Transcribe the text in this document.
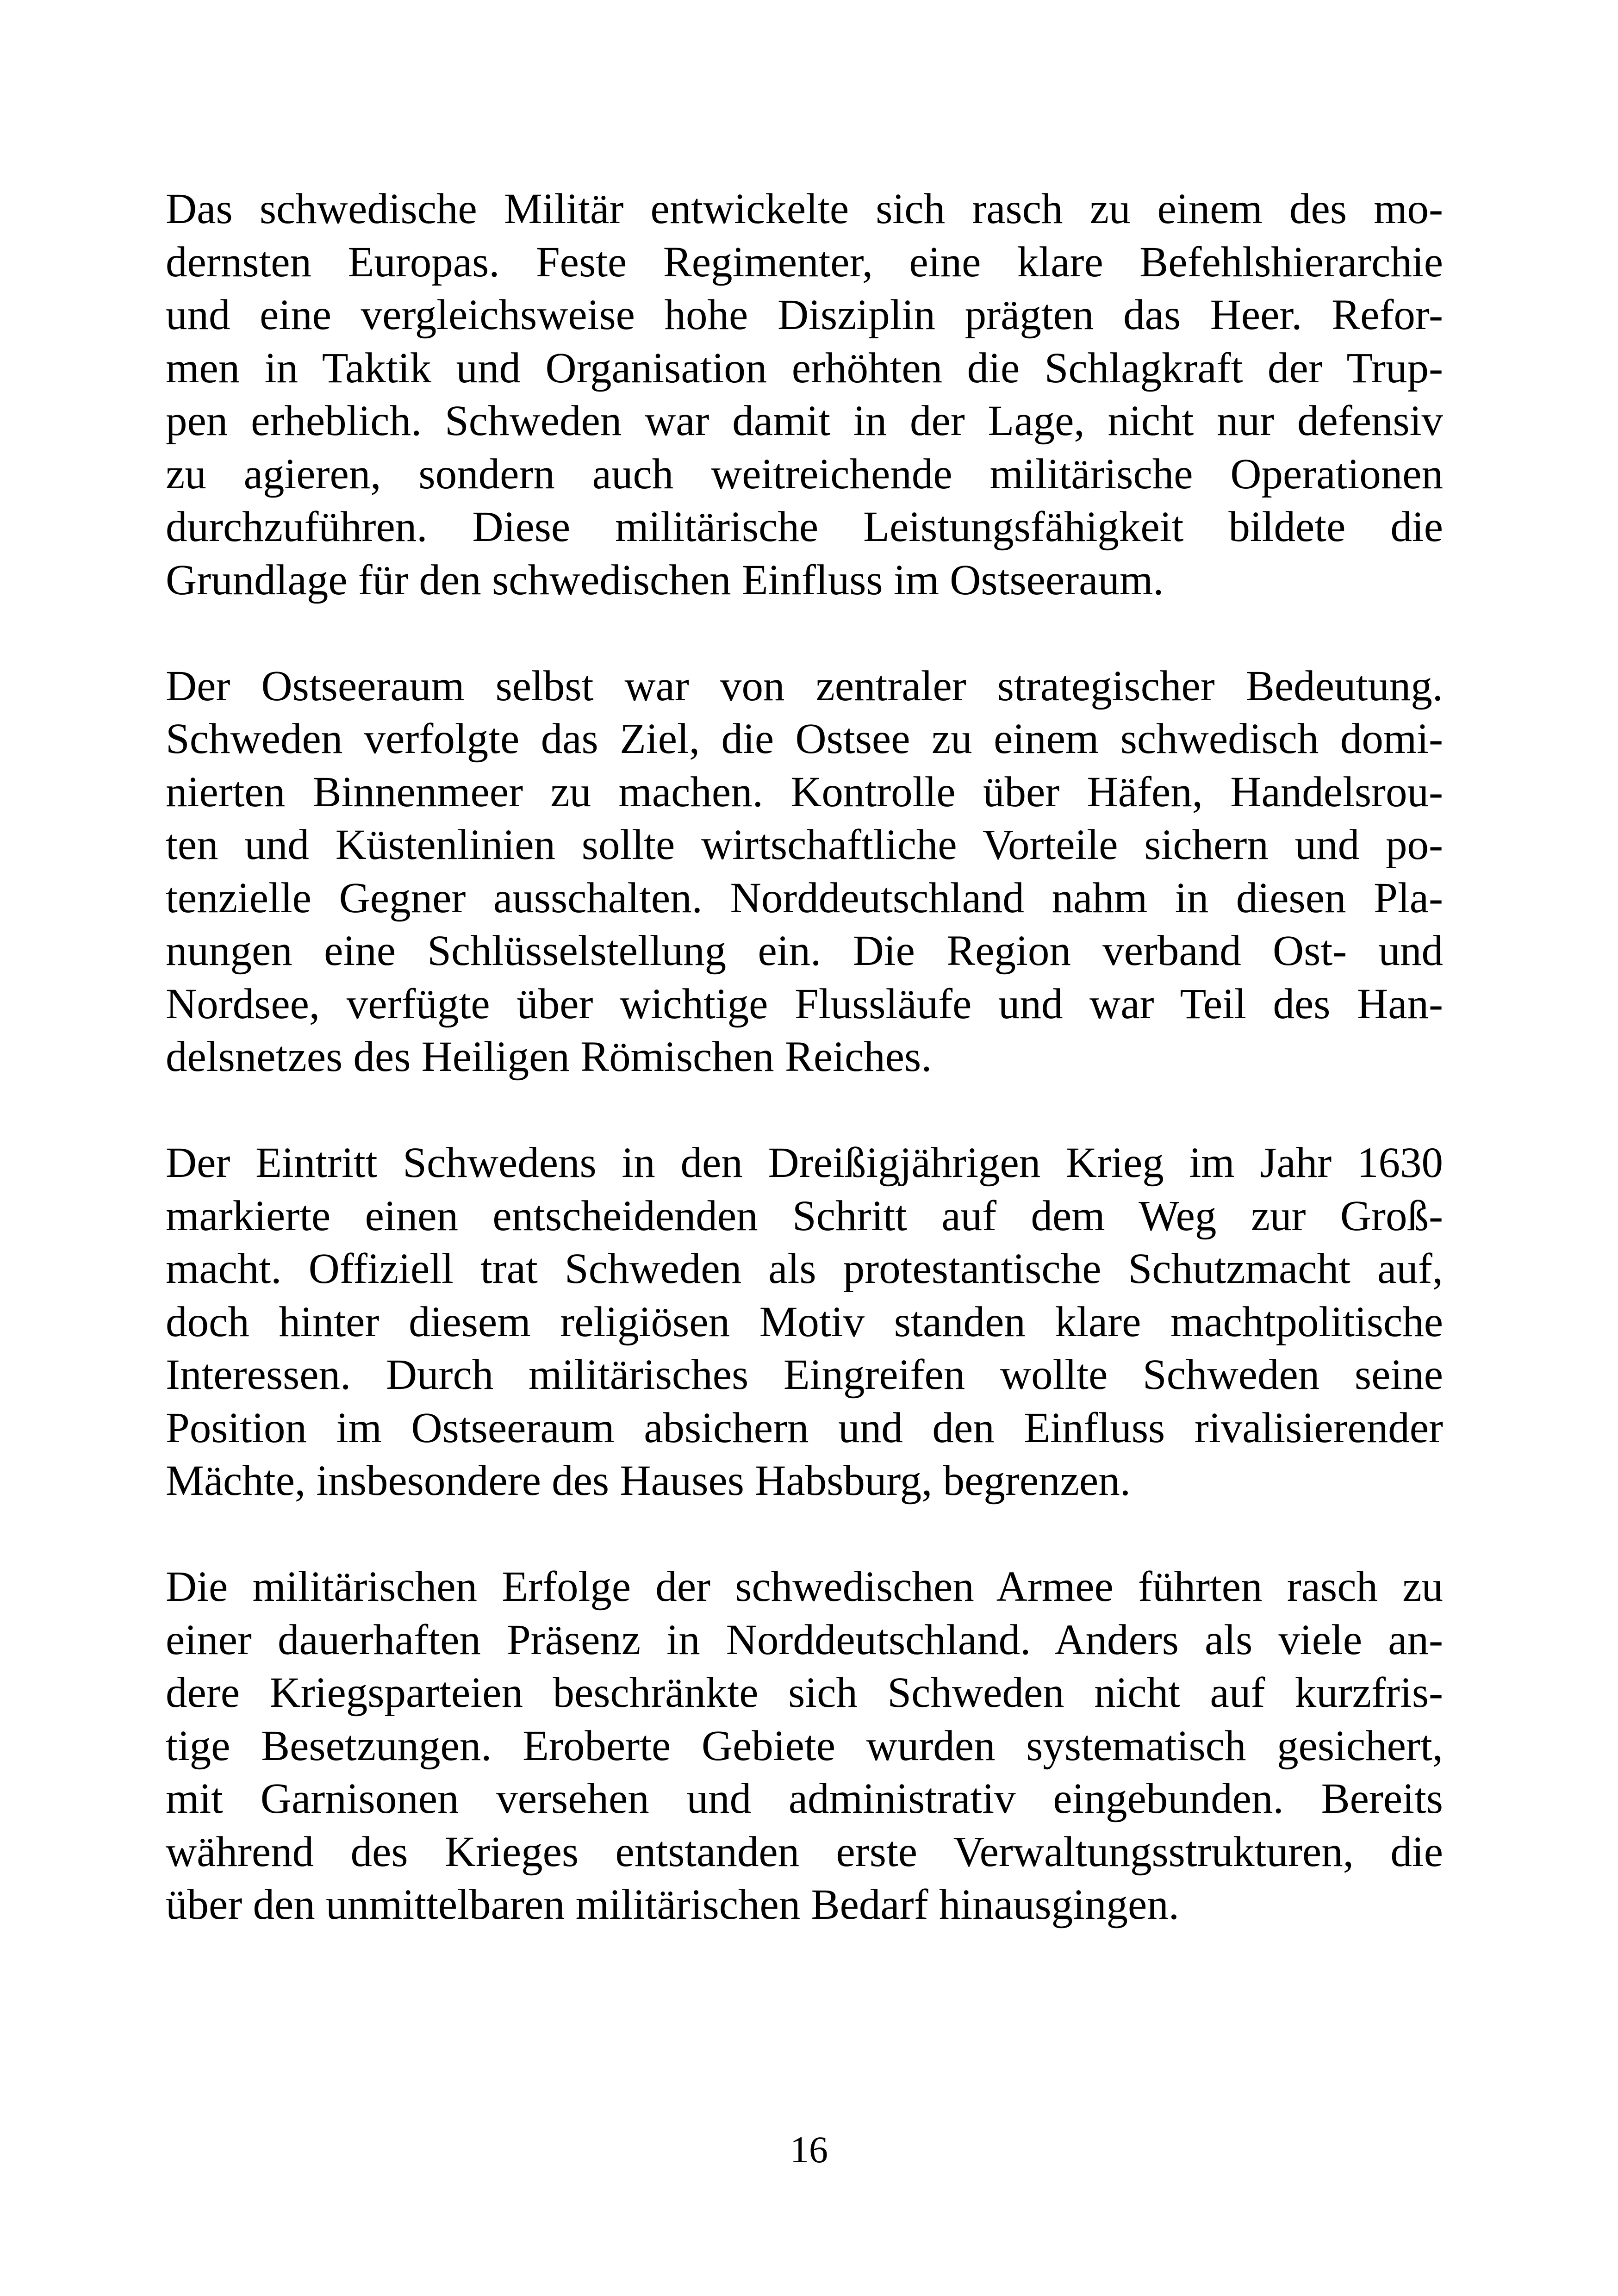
Das schwedische Militär entwickelte sich rasch zu einem des mo-
dernsten Europas. Feste Regimenter, eine klare Befehlshierarchie
und eine vergleichsweise hohe Disziplin prägten das Heer. Refor-
men in Taktik und Organisation erhöhten die Schlagkraft der Trup-
pen erheblich. Schweden war damit in der Lage, nicht nur defensiv
zu agieren, sondern auch weitreichende militärische Operationen
durchzuführen. Diese militärische Leistungsfähigkeit bildete die
Grundlage für den schwedischen Einfluss im Ostseeraum.
Der Ostseeraum selbst war von zentraler strategischer Bedeutung.
Schweden verfolgte das Ziel, die Ostsee zu einem schwedisch domi-
nierten Binnenmeer zu machen. Kontrolle über Häfen, Handelsrou-
ten und Küstenlinien sollte wirtschaftliche Vorteile sichern und po-
tenzielle Gegner ausschalten. Norddeutschland nahm in diesen Pla-
nungen eine Schlüsselstellung ein. Die Region verband Ost- und
Nordsee, verfügte über wichtige Flussläufe und war Teil des Han-
delsnetzes des Heiligen Römischen Reiches.
Der Eintritt Schwedens in den Dreißigjährigen Krieg im Jahr 1630
markierte einen entscheidenden Schritt auf dem Weg zur Groß-
macht. Offiziell trat Schweden als protestantische Schutzmacht auf,
doch hinter diesem religiösen Motiv standen klare machtpolitische
Interessen. Durch militärisches Eingreifen wollte Schweden seine
Position im Ostseeraum absichern und den Einfluss rivalisierender
Mächte, insbesondere des Hauses Habsburg, begrenzen.
Die militärischen Erfolge der schwedischen Armee führten rasch zu
einer dauerhaften Präsenz in Norddeutschland. Anders als viele an-
dere Kriegsparteien beschränkte sich Schweden nicht auf kurzfris-
tige Besetzungen. Eroberte Gebiete wurden systematisch gesichert,
mit Garnisonen versehen und administrativ eingebunden. Bereits
während des Krieges entstanden erste Verwaltungsstrukturen, die
über den unmittelbaren militärischen Bedarf hinausgingen.
16
